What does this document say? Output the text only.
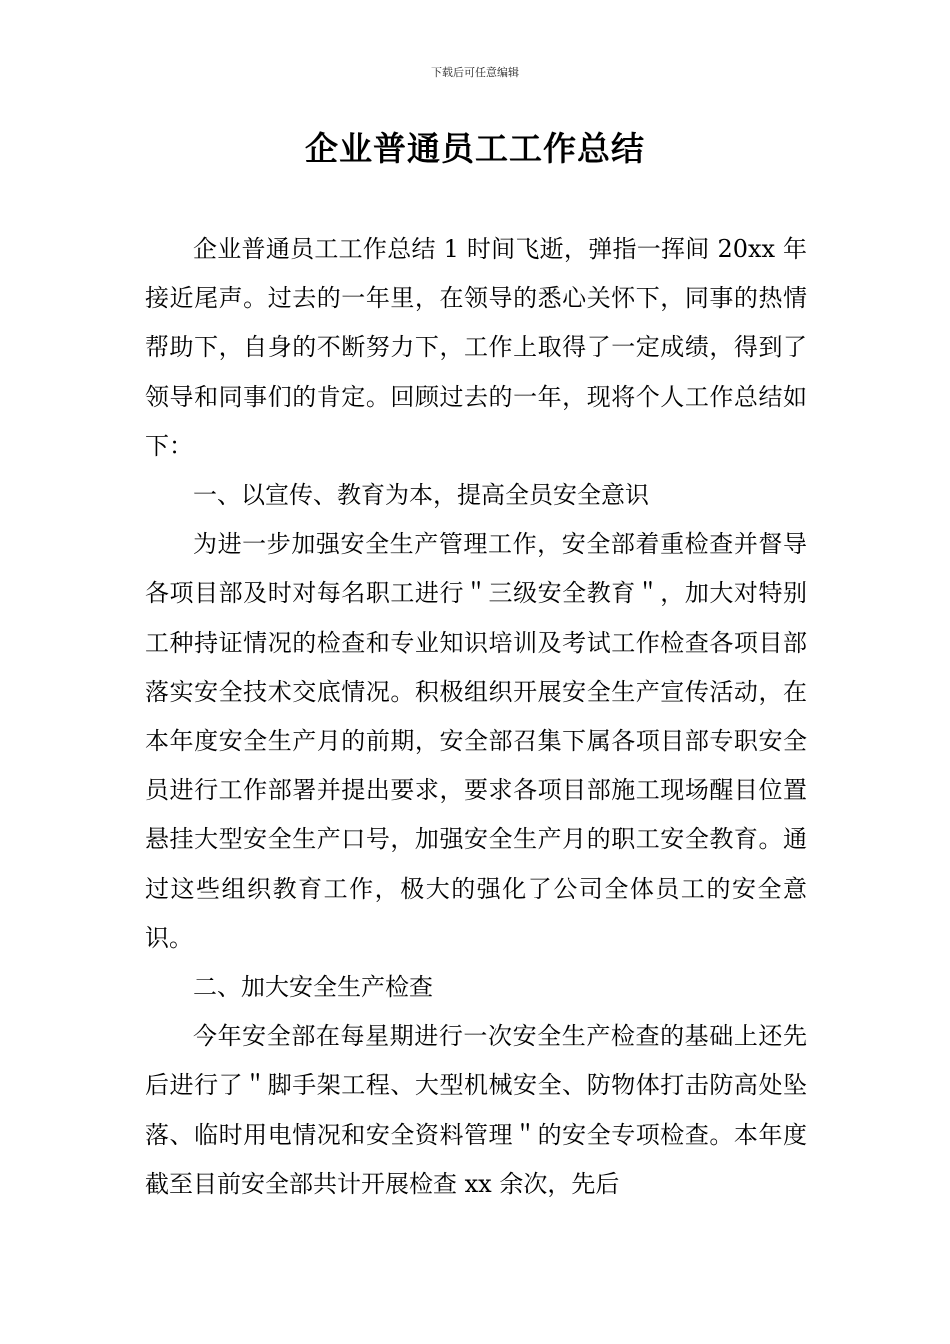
下载后可任意编辑
企业普通员工工作总结

企业普通员工工作总结 1 时间飞逝，弹指一挥间 20xx 年接近尾声。过去的一年里，在领导的悉心关怀下，同事的热情帮助下，自身的不断努力下，工作上取得了一定成绩，得到了领导和同事们的肯定。回顾过去的一年，现将个人工作总结如下：

一、以宣传、教育为本，提高全员安全意识

为进一步加强安全生产管理工作，安全部着重检查并督导各项目部及时对每名职工进行＂三级安全教育＂，加大对特别工种持证情况的检查和专业知识培训及考试工作检查各项目部落实安全技术交底情况。积极组织开展安全生产宣传活动，在本年度安全生产月的前期，安全部召集下属各项目部专职安全员进行工作部署并提出要求，要求各项目部施工现场醒目位置悬挂大型安全生产口号，加强安全生产月的职工安全教育。通过这些组织教育工作，极大的强化了公司全体员工的安全意识。

二、加大安全生产检查

今年安全部在每星期进行一次安全生产检查的基础上还先后进行了＂脚手架工程、大型机械安全、防物体打击防高处坠落、临时用电情况和安全资料管理＂的安全专项检查。本年度截至目前安全部共计开展检查 xx 余次，先后
